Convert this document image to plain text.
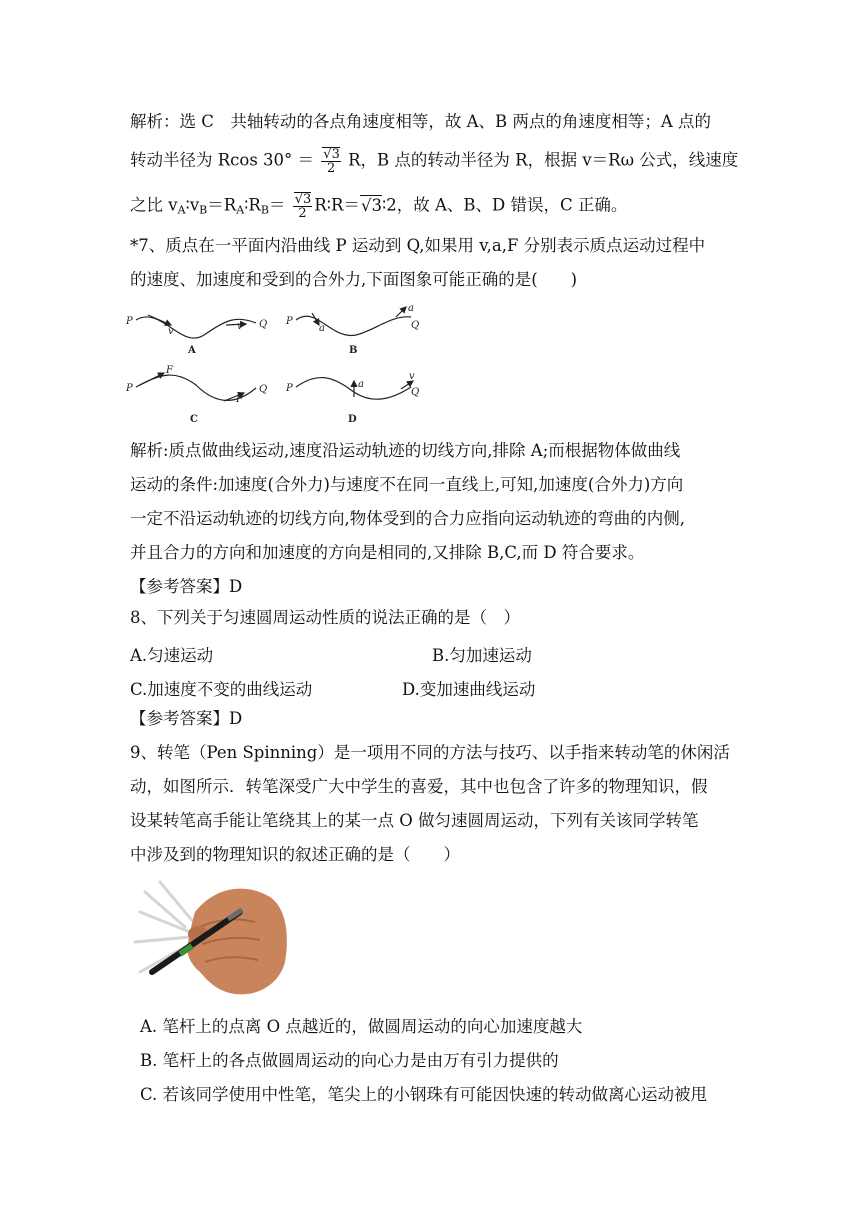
解析：选 C　共轴转动的各点角速度相等，故 A、B 两点的角速度相等；A 点的
转动半径为 Rcos 30° ＝ √ $\frac{3}{2}$ R，B 点的转动半径为 R，根据 v＝Rω 公式，线速度
之比 $v_A∶v_B=R_A∶R_B=$ √ $\frac{3}{2}$ R∶R＝ √ 3∶2，故 A、B、D 错误，C 正确。
*7、质点在一平面内沿曲线 P 运动到 Q,如果用 v,a,F 分别表示质点运动过程中
的速度、加速度和受到的合外力,下面图象可能正确的是(　　)
P	Q
v	v
A
P	Q
a
a
B
P	Q
F
F
C
P	Q
a
v
D
解析:质点做曲线运动,速度沿运动轨迹的切线方向,排除 A;而根据物体做曲线
运动的条件:加速度(合外力)与速度不在同一直线上,可知,加速度(合外力)方向
一定不沿运动轨迹的切线方向,物体受到的合力应指向运动轨迹的弯曲的内侧,
并且合力的方向和加速度的方向是相同的,又排除 B,C,而 D 符合要求。
【参考答案】D
8、下列关于匀速圆周运动性质的说法正确的是（　）
A.匀速运动	B.匀加速运动
C.加速度不变的曲线运动	D.变加速曲线运动
【参考答案】D
9、转笔（Pen Spinning）是一项用不同的方法与技巧、以手指来转动笔的休闲活
动，如图所示．转笔深受广大中学生的喜爱，其中也包含了许多的物理知识，假
设某转笔高手能让笔绕其上的某一点 O 做匀速圆周运动，下列有关该同学转笔
中涉及到的物理知识的叙述正确的是（　　）
A. 笔杆上的点离 O 点越近的，做圆周运动的向心加速度越大
B. 笔杆上的各点做圆周运动的向心力是由万有引力提供的
C. 若该同学使用中性笔，笔尖上的小钢珠有可能因快速的转动做离心运动被甩
